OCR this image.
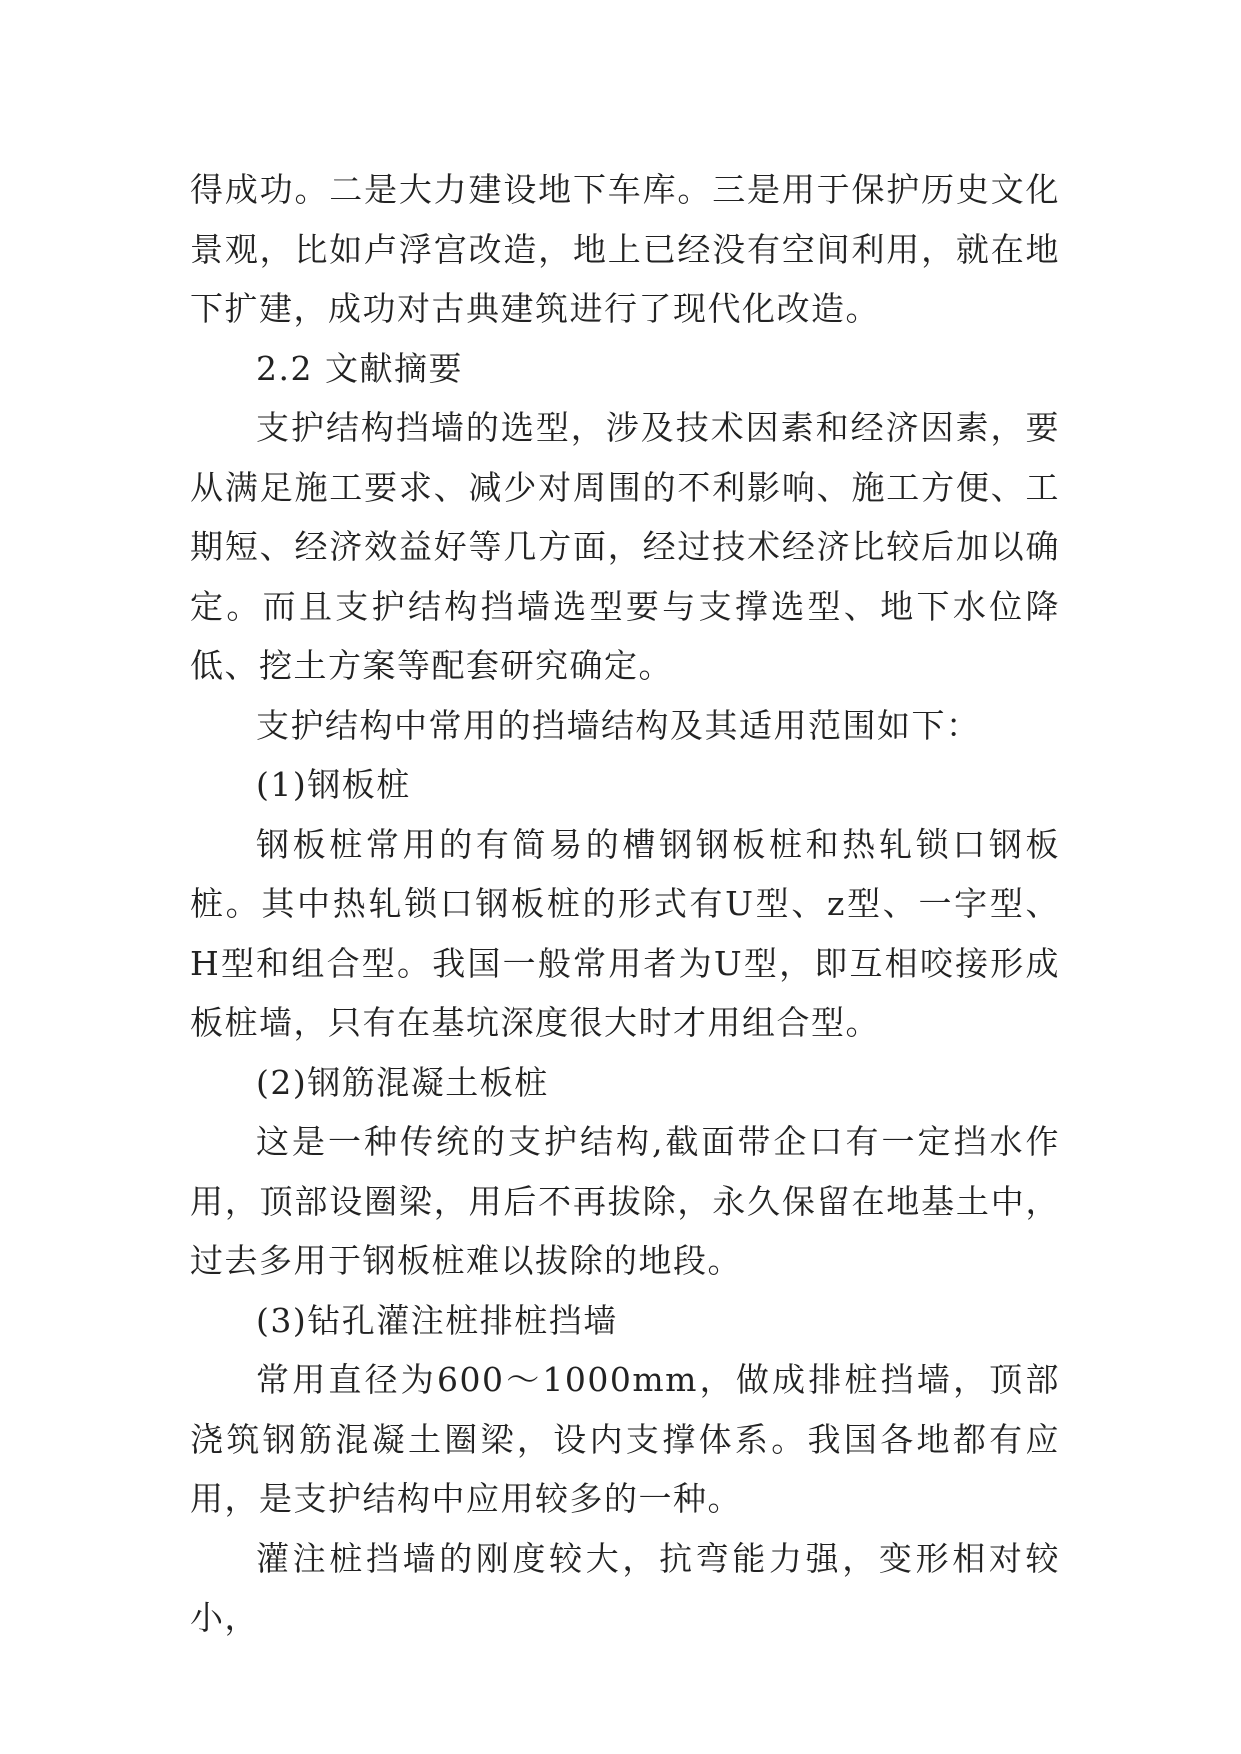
得成功。二是大力建设地下车库。三是用于保护历史文化景观，比如卢浮宫改造，地上已经没有空间利用，就在地下扩建，成功对古典建筑进行了现代化改造。

2.2 文献摘要

支护结构挡墙的选型，涉及技术因素和经济因素，要从满足施工要求、减少对周围的不利影响、施工方便、工期短、经济效益好等几方面，经过技术经济比较后加以确定。而且支护结构挡墙选型要与支撑选型、地下水位降低、挖土方案等配套研究确定。

支护结构中常用的挡墙结构及其适用范围如下：

(1)钢板桩

钢板桩常用的有简易的槽钢钢板桩和热轧锁口钢板桩。其中热轧锁口钢板桩的形式有U型、z型、一字型、H型和组合型。我国一般常用者为U型，即互相咬接形成板桩墙，只有在基坑深度很大时才用组合型。

(2)钢筋混凝土板桩

这是一种传统的支护结构,截面带企口有一定挡水作用，顶部设圈梁，用后不再拔除，永久保留在地基土中，过去多用于钢板桩难以拔除的地段。

(3)钻孔灌注桩排桩挡墙

常用直径为600～1000mm，做成排桩挡墙，顶部浇筑钢筋混凝土圈梁，设内支撑体系。我国各地都有应用，是支护结构中应用较多的一种。

灌注桩挡墙的刚度较大，抗弯能力强，变形相对较小，
